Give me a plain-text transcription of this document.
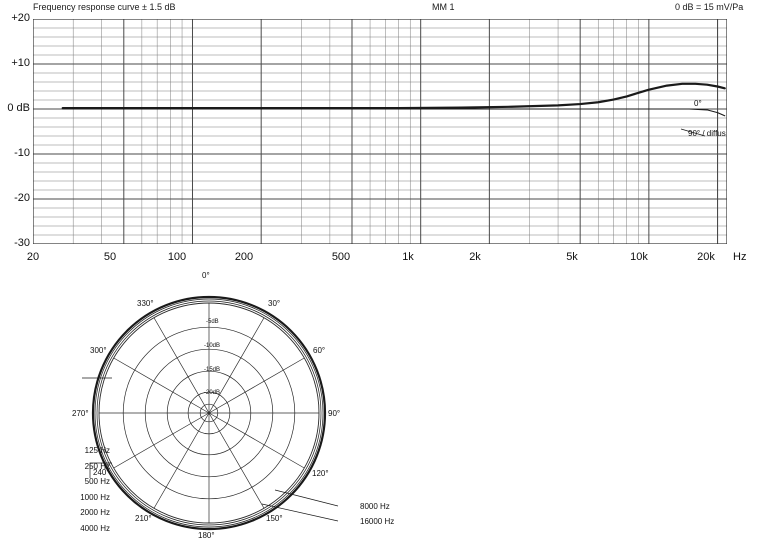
Frequency response curve ± 1.5 dB	MM 1	0 dB = 15 mV/Pa
+20
+10
0 dB
-10
-20
-30
20	50	100	200	500	1k	2k	5k	10k	20k	Hz
0°
90° / diffus
0°
30°
60°
90°
120°
150°
180°
210°
240°
270°
300°
330°
-5dB
-10dB
-15dB
-20dB
125 Hz
250 Hz
500 Hz
1000 Hz
2000 Hz
4000 Hz
8000 Hz
16000 Hz
